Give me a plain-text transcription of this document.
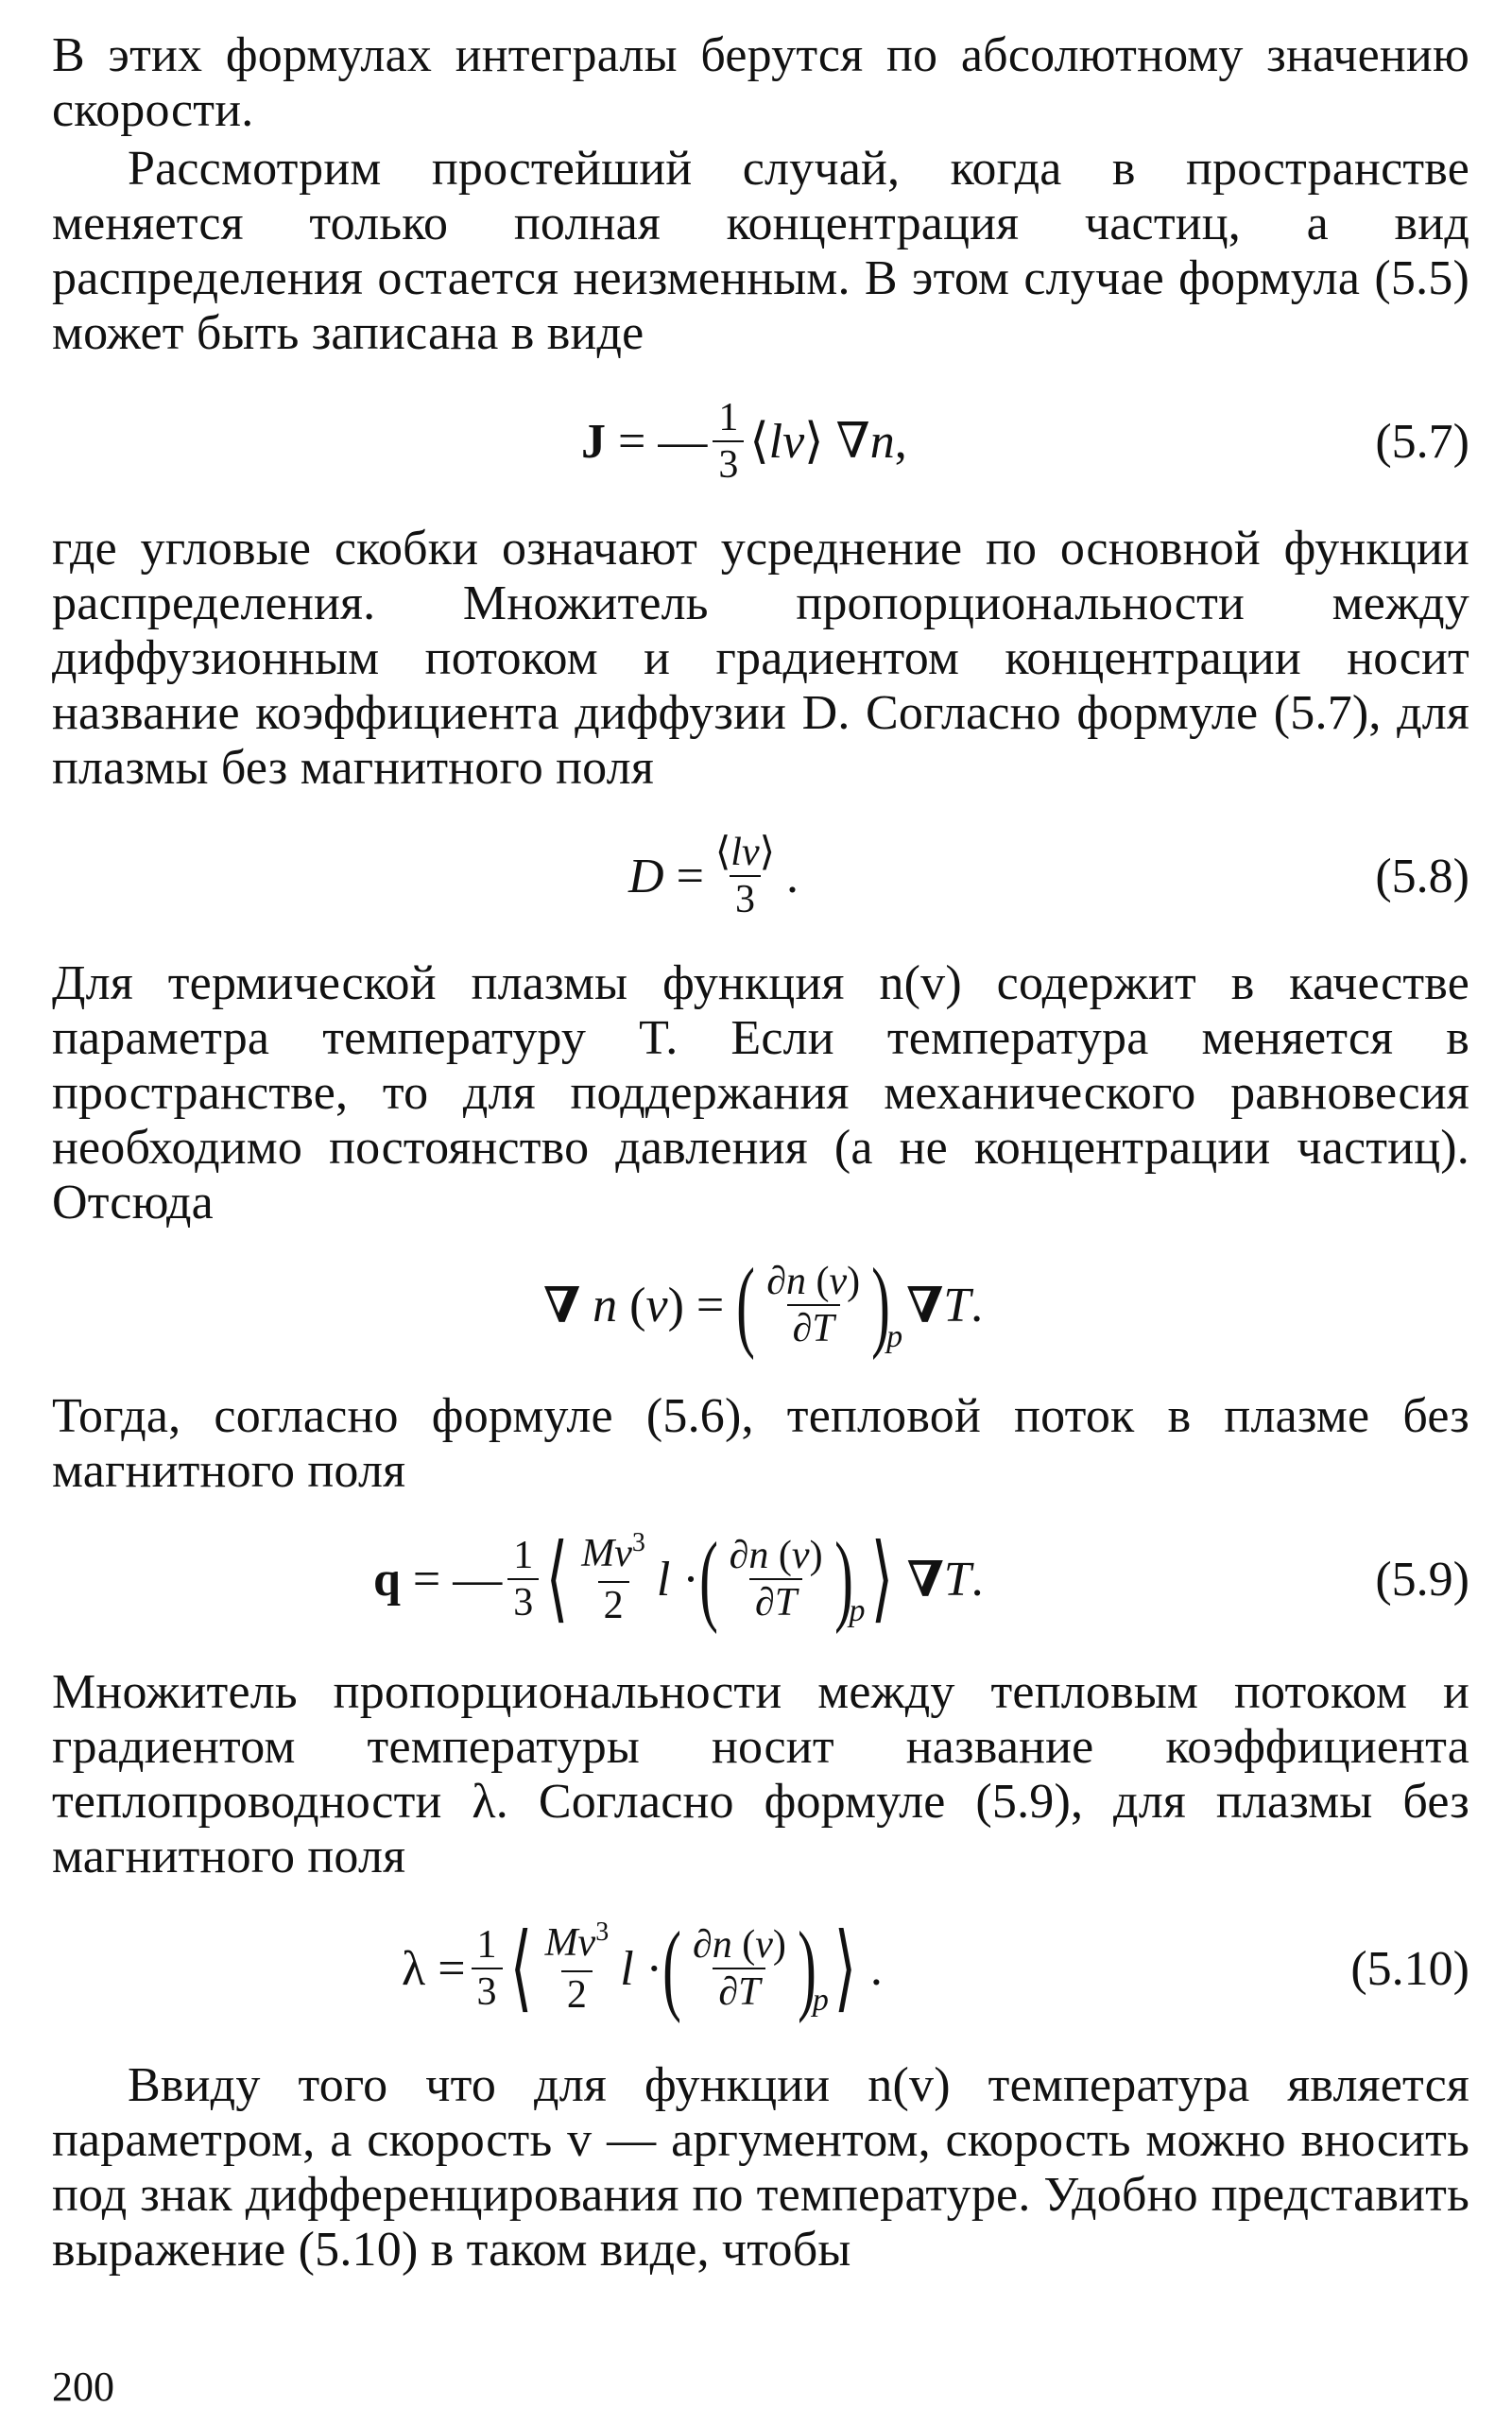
В этих формулах интегралы берутся по абсолютному значению скорости.

Рассмотрим простейший случай, когда в пространстве меняется только полная концентрация частиц, а вид распределения остается неизменным. В этом случае формула (5.5) может быть записана в виде

J = — $\frac{1}{3}$ ⟨ lv ⟩ ∇ n ,	(5.7)

где угловые скобки означают усреднение по основной функции распределения. Множитель пропорциональности между диффузионным потоком и градиентом концентрации носит название коэффициента диффузии D. Согласно формуле (5.7), для плазмы без магнитного поля

$D = \frac{⟨lv⟩}{3}$ .	(5.8)

Для термической плазмы функция n(v) содержит в качестве параметра температуру T. Если температура меняется в пространстве, то для поддержания механического равновесия необходимо постоянство давления (а не концентрации частиц). Отсюда

∇
n ( v ) = ( $\frac{\partial n (v)}{\partial T}$ )
p
∇ T .

Тогда, согласно формуле (5.6), тепловой поток в плазме без магнитного поля

q = — $\frac{1}{3}$ ⟨ $\frac{Mv^3}{2}$ l · ( $\frac{\partial n (v)}{\partial T}$ )
p ⟩
∇ T .	(5.9)

Множитель пропорциональности между тепловым потоком и градиентом температуры носит название коэффициента теплопроводности λ. Согласно формуле (5.9), для плазмы без магнитного поля

$\lambda = \frac{1}{3}$ ⟨ $\frac{Mv^3}{2}$ l · ( $\frac{\partial n (v)}{\partial T}$ )
p ⟩ .	(5.10)

Ввиду того что для функции n(v) температура является параметром, а скорость v — аргументом, скорость можно вносить под знак дифференцирования по температуре. Удобно представить выражение (5.10) в таком виде, чтобы

200
